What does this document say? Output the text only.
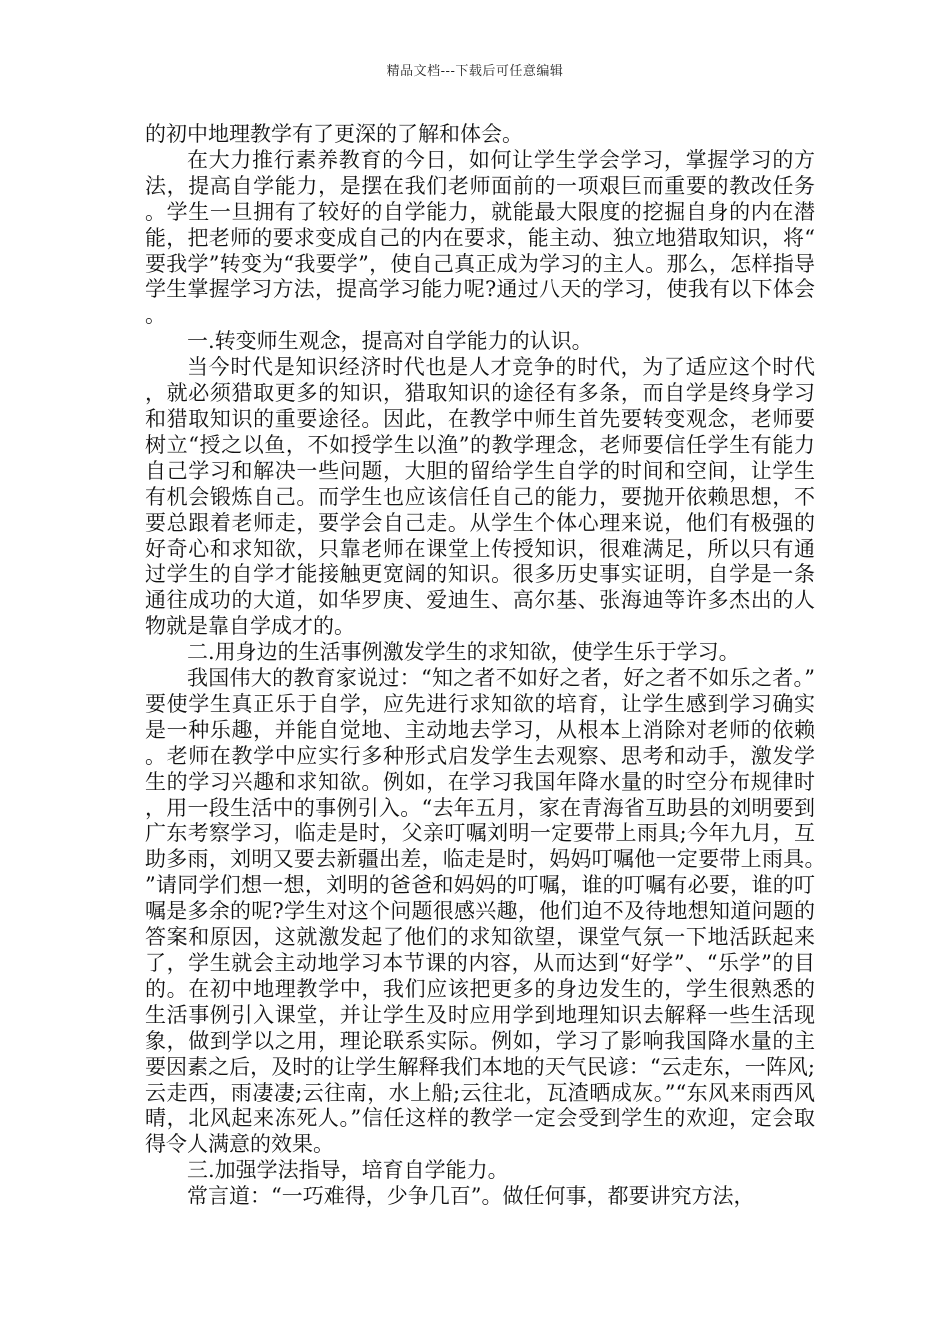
精品文档---下载后可任意编辑

的初中地理教学有了更深的了解和体会。

在大力推行素养教育的今日，如何让学生学会学习，掌握学习的方法，提高自学能力，是摆在我们老师面前的一项艰巨而重要的教改任务。学生一旦拥有了较好的自学能力，就能最大限度的挖掘自身的内在潜能，把老师的要求变成自己的内在要求，能主动、独立地猎取知识，将“要我学”转变为“我要学”，使自己真正成为学习的主人。那么，怎样指导学生掌握学习方法，提高学习能力呢?通过八天的学习，使我有以下体会。

一.转变师生观念，提高对自学能力的认识。

当今时代是知识经济时代也是人才竞争的时代，为了适应这个时代，就必须猎取更多的知识，猎取知识的途径有多条，而自学是终身学习和猎取知识的重要途径。因此，在教学中师生首先要转变观念，老师要树立“授之以鱼，不如授学生以渔”的教学理念，老师要信任学生有能力自己学习和解决一些问题，大胆的留给学生自学的时间和空间，让学生有机会锻炼自己。而学生也应该信任自己的能力，要抛开依赖思想，不要总跟着老师走，要学会自己走。从学生个体心理来说，他们有极强的好奇心和求知欲，只靠老师在课堂上传授知识，很难满足，所以只有通过学生的自学才能接触更宽阔的知识。很多历史事实证明，自学是一条通往成功的大道，如华罗庚、爱迪生、高尔基、张海迪等许多杰出的人物就是靠自学成才的。

二.用身边的生活事例激发学生的求知欲，使学生乐于学习。

我国伟大的教育家说过：“知之者不如好之者，好之者不如乐之者。”要使学生真正乐于自学，应先进行求知欲的培育，让学生感到学习确实是一种乐趣，并能自觉地、主动地去学习，从根本上消除对老师的依赖。老师在教学中应实行多种形式启发学生去观察、思考和动手，激发学生的学习兴趣和求知欲。例如，在学习我国年降水量的时空分布规律时，用一段生活中的事例引入。“去年五月，家在青海省互助县的刘明要到广东考察学习，临走是时，父亲叮嘱刘明一定要带上雨具;今年九月，互助多雨，刘明又要去新疆出差，临走是时，妈妈叮嘱他一定要带上雨具。”请同学们想一想，刘明的爸爸和妈妈的叮嘱，谁的叮嘱有必要，谁的叮嘱是多余的呢?学生对这个问题很感兴趣，他们迫不及待地想知道问题的答案和原因，这就激发起了他们的求知欲望，课堂气氛一下地活跃起来了，学生就会主动地学习本节课的内容，从而达到“好学”、“乐学”的目的。在初中地理教学中，我们应该把更多的身边发生的，学生很熟悉的生活事例引入课堂，并让学生及时应用学到地理知识去解释一些生活现象，做到学以之用，理论联系实际。例如，学习了影响我国降水量的主要因素之后，及时的让学生解释我们本地的天气民谚：“云走东，一阵风;云走西，雨凄凄;云往南，水上船;云往北，瓦渣晒成灰。”“东风来雨西风晴，北风起来冻死人。”信任这样的教学一定会受到学生的欢迎，定会取得令人满意的效果。

三.加强学法指导，培育自学能力。

常言道：“一巧难得，少争几百”。做任何事，都要讲究方法，
